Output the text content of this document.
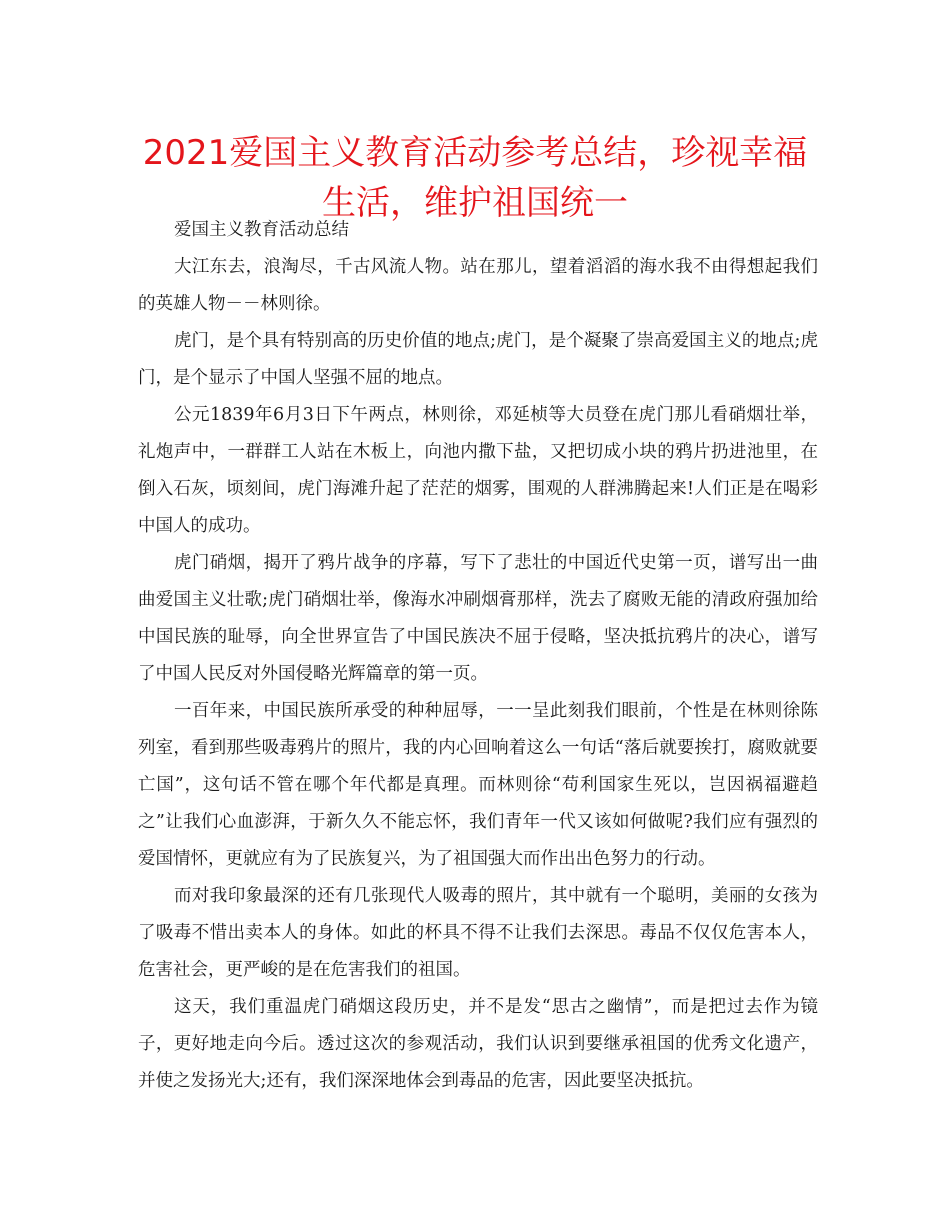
2021爱国主义教育活动参考总结，珍视幸福生活，维护祖国统一

爱国主义教育活动总结

大江东去，浪淘尽，千古风流人物。站在那儿，望着滔滔的海水我不由得想起我们的英雄人物－－林则徐。

虎门，是个具有特别高的历史价值的地点;虎门，是个凝聚了崇高爱国主义的地点;虎门，是个显示了中国人坚强不屈的地点。

公元1839年6月3日下午两点，林则徐，邓延桢等大员登在虎门那儿看硝烟壮举，礼炮声中，一群群工人站在木板上，向池内撒下盐，又把切成小块的鸦片扔进池里，在倒入石灰，顷刻间，虎门海滩升起了茫茫的烟雾，围观的人群沸腾起来!人们正是在喝彩中国人的成功。

虎门硝烟，揭开了鸦片战争的序幕，写下了悲壮的中国近代史第一页，谱写出一曲曲爱国主义壮歌;虎门硝烟壮举，像海水冲刷烟膏那样，洗去了腐败无能的清政府强加给中国民族的耻辱，向全世界宣告了中国民族决不屈于侵略，坚决抵抗鸦片的决心，谱写了中国人民反对外国侵略光辉篇章的第一页。

一百年来，中国民族所承受的种种屈辱，一一呈此刻我们眼前，个性是在林则徐陈列室，看到那些吸毒鸦片的照片，我的内心回响着这么一句话“落后就要挨打，腐败就要亡国”，这句话不管在哪个年代都是真理。而林则徐“苟利国家生死以，岂因祸福避趋之”让我们心血澎湃，于新久久不能忘怀，我们青年一代又该如何做呢?我们应有强烈的爱国情怀，更就应有为了民族复兴，为了祖国强大而作出出色努力的行动。

而对我印象最深的还有几张现代人吸毒的照片，其中就有一个聪明，美丽的女孩为了吸毒不惜出卖本人的身体。如此的杯具不得不让我们去深思。毒品不仅仅危害本人，危害社会，更严峻的是在危害我们的祖国。

这天，我们重温虎门硝烟这段历史，并不是发“思古之幽情”，而是把过去作为镜子，更好地走向今后。透过这次的参观活动，我们认识到要继承祖国的优秀文化遗产，并使之发扬光大;还有，我们深深地体会到毒品的危害，因此要坚决抵抗。
